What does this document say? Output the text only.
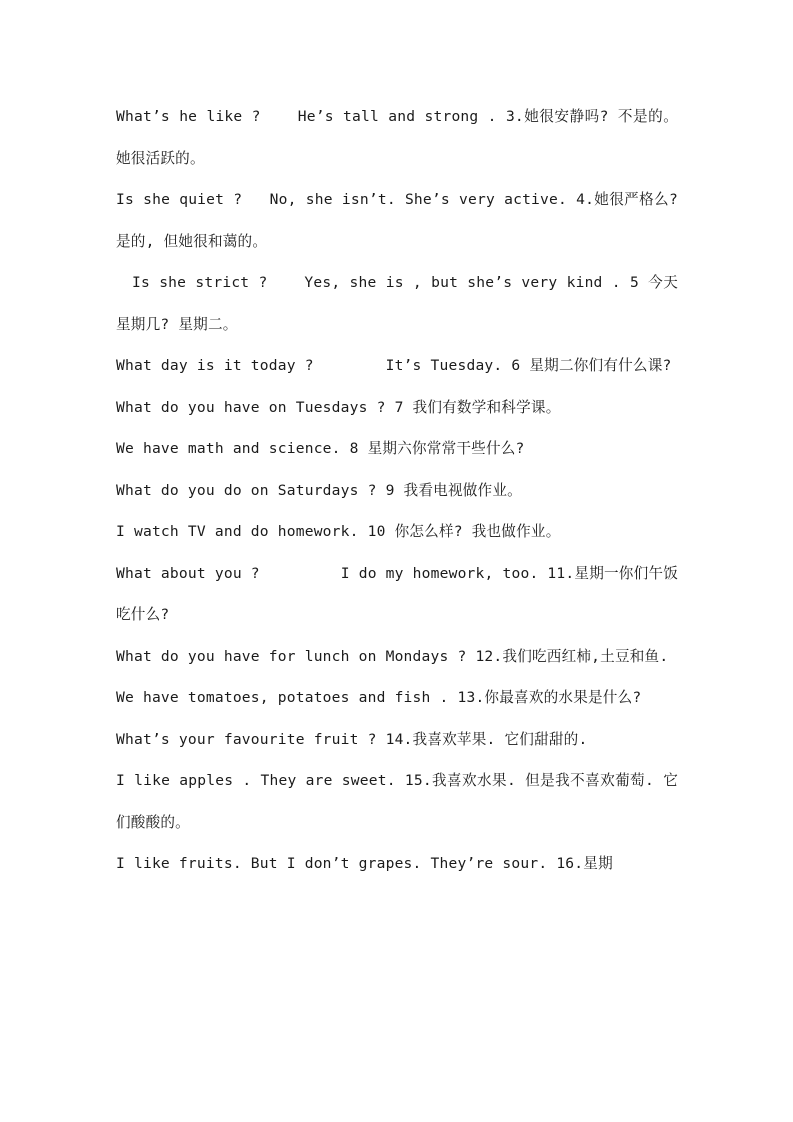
What’s he like ?    He’s tall and strong . 3.她很安静吗? 不是的。她很活跃的。

Is she quiet ?   No, she isn’t. She’s very active. 4.她很严格么? 是的, 但她很和蔼的。

Is she strict ?    Yes, she is , but she’s very kind . 5 今天星期几? 星期二。

What day is it today ?        It’s Tuesday. 6 星期二你们有什么课?

What do you have on Tuesdays ? 7 我们有数学和科学课。

We have math and science. 8 星期六你常常干些什么?

What do you do on Saturdays ? 9 我看电视做作业。

I watch TV and do homework. 10 你怎么样? 我也做作业。

What about you ?         I do my homework, too. 11.星期一你们午饭吃什么?

What do you have for lunch on Mondays ? 12.我们吃西红柿,土豆和鱼.

We have tomatoes, potatoes and fish . 13.你最喜欢的水果是什么?

What’s your favourite fruit ? 14.我喜欢苹果. 它们甜甜的.

I like apples . They are sweet. 15.我喜欢水果. 但是我不喜欢葡萄. 它们酸酸的。

I like fruits. But I don’t grapes. They’re sour. 16.星期
